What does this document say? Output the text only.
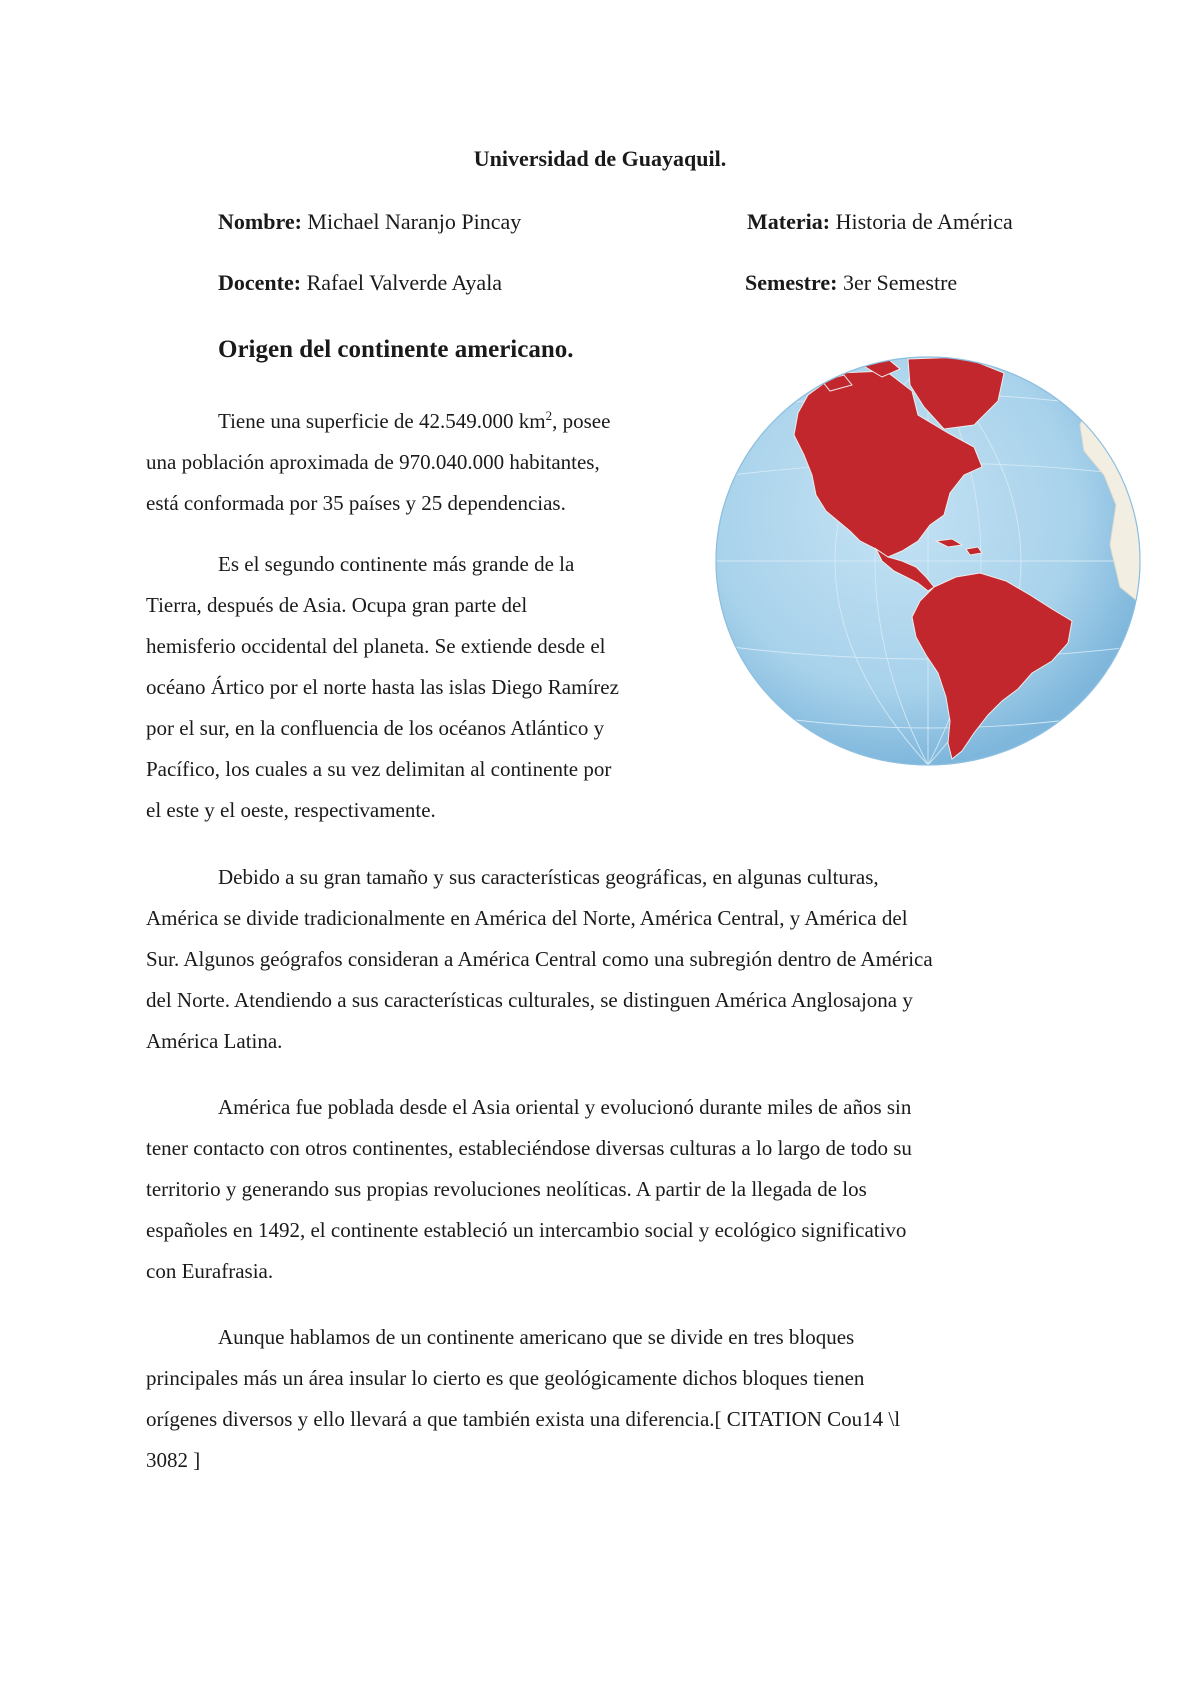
Universidad de Guayaquil.
Nombre: Michael Naranjo Pincay	Materia: Historia de América
Docente: Rafael Valverde Ayala	Semestre: 3er Semestre
Origen del continente americano.
Tiene una superficie de 42.549.000 $km^2$, posee
una población aproximada de 970.040.000 habitantes,
está conformada por 35 países y 25 dependencias.
Es el segundo continente más grande de la
Tierra, después de Asia. Ocupa gran parte del
hemisferio occidental del planeta. Se extiende desde el
océano Ártico por el norte hasta las islas Diego Ramírez
por el sur, en la confluencia de los océanos Atlántico y
Pacífico, los cuales a su vez delimitan al continente por
el este y el oeste, respectivamente.
Debido a su gran tamaño y sus características geográficas, en algunas culturas,
América se divide tradicionalmente en América del Norte, América Central, y América del
Sur. Algunos geógrafos consideran a América Central como una subregión dentro de América
del Norte. Atendiendo a sus características culturales, se distinguen América Anglosajona y
América Latina.
América fue poblada desde el Asia oriental y evolucionó durante miles de años sin
tener contacto con otros continentes, estableciéndose diversas culturas a lo largo de todo su
territorio y generando sus propias revoluciones neolíticas. A partir de la llegada de los
españoles en 1492, el continente estableció un intercambio social y ecológico significativo
con Eurafrasia.
Aunque hablamos de un continente americano que se divide en tres bloques
principales más un área insular lo cierto es que geológicamente dichos bloques tienen
orígenes diversos y ello llevará a que también exista una diferencia.[ CITATION Cou14 \l
3082 ]
